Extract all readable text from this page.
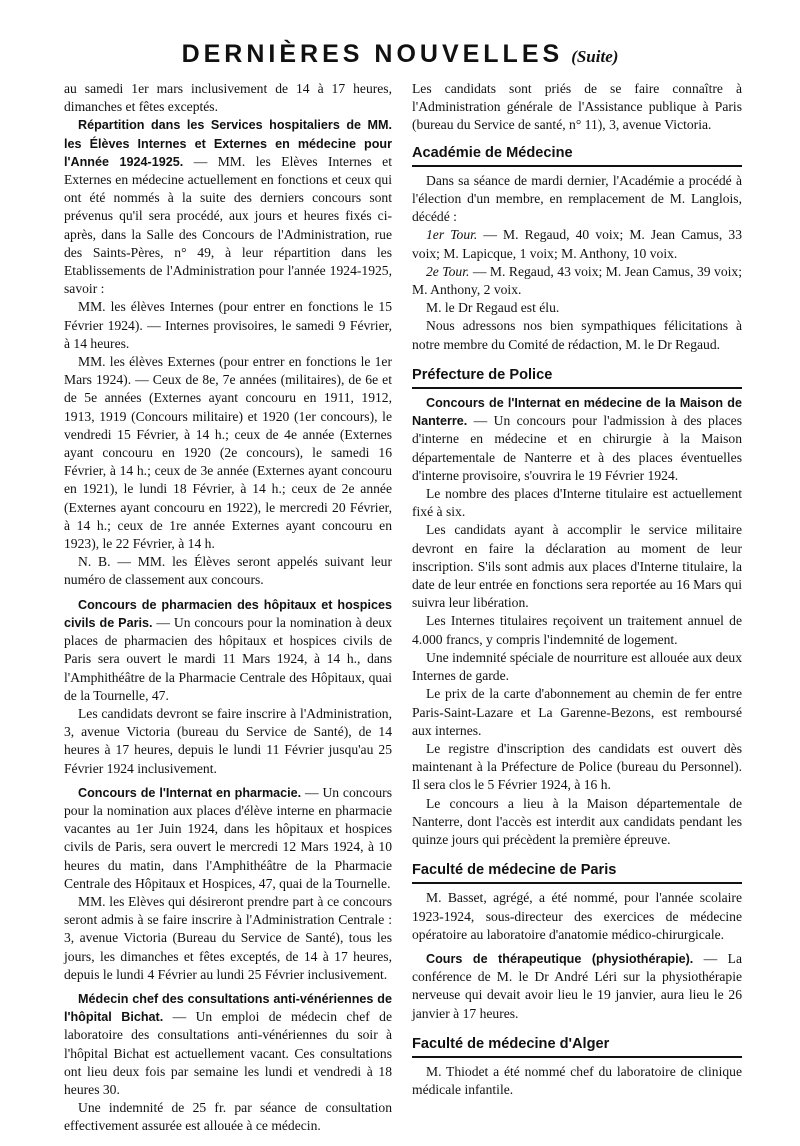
DERNIÈRES NOUVELLES (Suite)

au samedi 1er mars inclusivement de 14 à 17 heures, dimanches et fêtes exceptés.

Répartition dans les Services hospitaliers de MM. les Élèves Internes et Externes en médecine pour l'Année 1924-1925. — MM. les Elèves Internes et Externes en médecine actuellement en fonctions et ceux qui ont été nommés à la suite des derniers concours sont prévenus qu'il sera procédé, aux jours et heures fixés ci-après, dans la Salle des Concours de l'Administration, rue des Saints-Pères, n° 49, à leur répartition dans les Etablissements de l'Administration pour l'année 1924-1925, savoir :

MM. les élèves Internes (pour entrer en fonctions le 15 Février 1924). — Internes provisoires, le samedi 9 Février, à 14 heures.

MM. les élèves Externes (pour entrer en fonctions le 1er Mars 1924). — Ceux de 8e, 7e années (militaires), de 6e et de 5e années (Externes ayant concouru en 1911, 1912, 1913, 1919 (Concours militaire) et 1920 (1er concours), le vendredi 15 Février, à 14 h.; ceux de 4e année (Externes ayant concouru en 1920 (2e concours), le samedi 16 Février, à 14 h.; ceux de 3e année (Externes ayant concouru en 1921), le lundi 18 Février, à 14 h.; ceux de 2e année (Externes ayant concouru en 1922), le mercredi 20 Février, à 14 h.; ceux de 1re année Externes ayant concouru en 1923), le 22 Février, à 14 h.

N. B. — MM. les Élèves seront appelés suivant leur numéro de classement aux concours.

Concours de pharmacien des hôpitaux et hospices civils de Paris. — Un concours pour la nomination à deux places de pharmacien des hôpitaux et hospices civils de Paris sera ouvert le mardi 11 Mars 1924, à 14 h., dans l'Amphithéâtre de la Pharmacie Centrale des Hôpitaux, quai de la Tournelle, 47.

Les candidats devront se faire inscrire à l'Administration, 3, avenue Victoria (bureau du Service de Santé), de 14 heures à 17 heures, depuis le lundi 11 Février jusqu'au 25 Février 1924 inclusivement.

Concours de l'Internat en pharmacie. — Un concours pour la nomination aux places d'élève interne en pharmacie vacantes au 1er Juin 1924, dans les hôpitaux et hospices civils de Paris, sera ouvert le mercredi 12 Mars 1924, à 10 heures du matin, dans l'Amphithéâtre de la Pharmacie Centrale des Hôpitaux et Hospices, 47, quai de la Tournelle.

MM. les Elèves qui désireront prendre part à ce concours seront admis à se faire inscrire à l'Administration Centrale : 3, avenue Victoria (Bureau du Service de Santé), tous les jours, les dimanches et fêtes exceptés, de 14 à 17 heures, depuis le lundi 4 Février au lundi 25 Février inclusivement.

Médecin chef des consultations anti-vénériennes de l'hôpital Bichat. — Un emploi de médecin chef de laboratoire des consultations anti-vénériennes du soir à l'hôpital Bichat est actuellement vacant. Ces consultations ont lieu deux fois par semaine les lundi et vendredi à 18 heures 30.

Une indemnité de 25 fr. par séance de consultation effectivement assurée est allouée à ce médecin.

Les candidats sont priés de se faire connaître à l'Administration générale de l'Assistance publique à Paris (bureau du Service de santé, n° 11), 3, avenue Victoria.

Académie de Médecine

Dans sa séance de mardi dernier, l'Académie a procédé à l'élection d'un membre, en remplacement de M. Langlois, décédé :

1er Tour. — M. Regaud, 40 voix; M. Jean Camus, 33 voix; M. Lapicque, 1 voix; M. Anthony, 10 voix.

2e Tour. — M. Regaud, 43 voix; M. Jean Camus, 39 voix; M. Anthony, 2 voix.

M. le Dr Regaud est élu.

Nous adressons nos bien sympathiques félicitations à notre membre du Comité de rédaction, M. le Dr Regaud.

Préfecture de Police

Concours de l'Internat en médecine de la Maison de Nanterre. — Un concours pour l'admission à des places d'interne en médecine et en chirurgie à la Maison départementale de Nanterre et à des places éventuelles d'interne provisoire, s'ouvrira le 19 Février 1924.

Le nombre des places d'Interne titulaire est actuellement fixé à six.

Les candidats ayant à accomplir le service militaire devront en faire la déclaration au moment de leur inscription. S'ils sont admis aux places d'Interne titulaire, la date de leur entrée en fonctions sera reportée au 16 Mars qui suivra leur libération.

Les Internes titulaires reçoivent un traitement annuel de 4.000 francs, y compris l'indemnité de logement.

Une indemnité spéciale de nourriture est allouée aux deux Internes de garde.

Le prix de la carte d'abonnement au chemin de fer entre Paris-Saint-Lazare et La Garenne-Bezons, est remboursé aux internes.

Le registre d'inscription des candidats est ouvert dès maintenant à la Préfecture de Police (bureau du Personnel). Il sera clos le 5 Février 1924, à 16 h.

Le concours a lieu à la Maison départementale de Nanterre, dont l'accès est interdit aux candidats pendant les quinze jours qui précèdent la première épreuve.

Faculté de médecine de Paris

M. Basset, agrégé, a été nommé, pour l'année scolaire 1923-1924, sous-directeur des exercices de médecine opératoire au laboratoire d'anatomie médico-chirurgicale.

Cours de thérapeutique (physiothérapie). — La conférence de M. le Dr André Léri sur la physiothérapie nerveuse qui devait avoir lieu le 19 janvier, aura lieu le 26 janvier à 17 heures.

Faculté de médecine d'Alger

M. Thiodet a été nommé chef du laboratoire de clinique médicale infantile.
